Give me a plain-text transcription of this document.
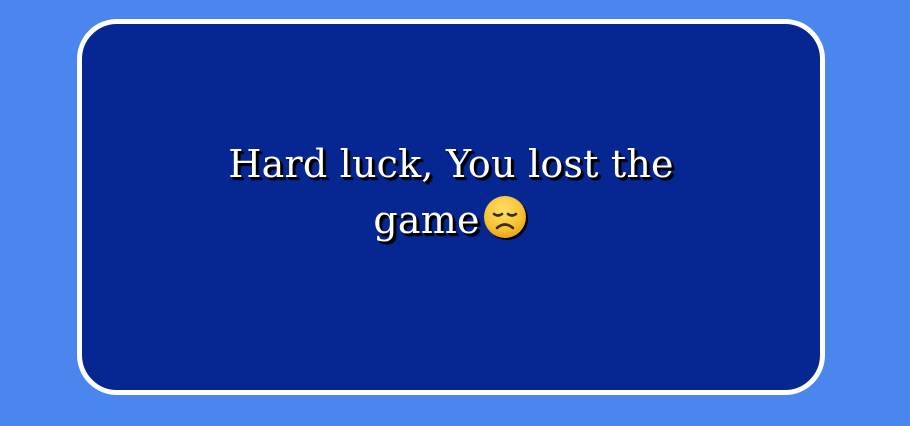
Hard luck, You lost the game
